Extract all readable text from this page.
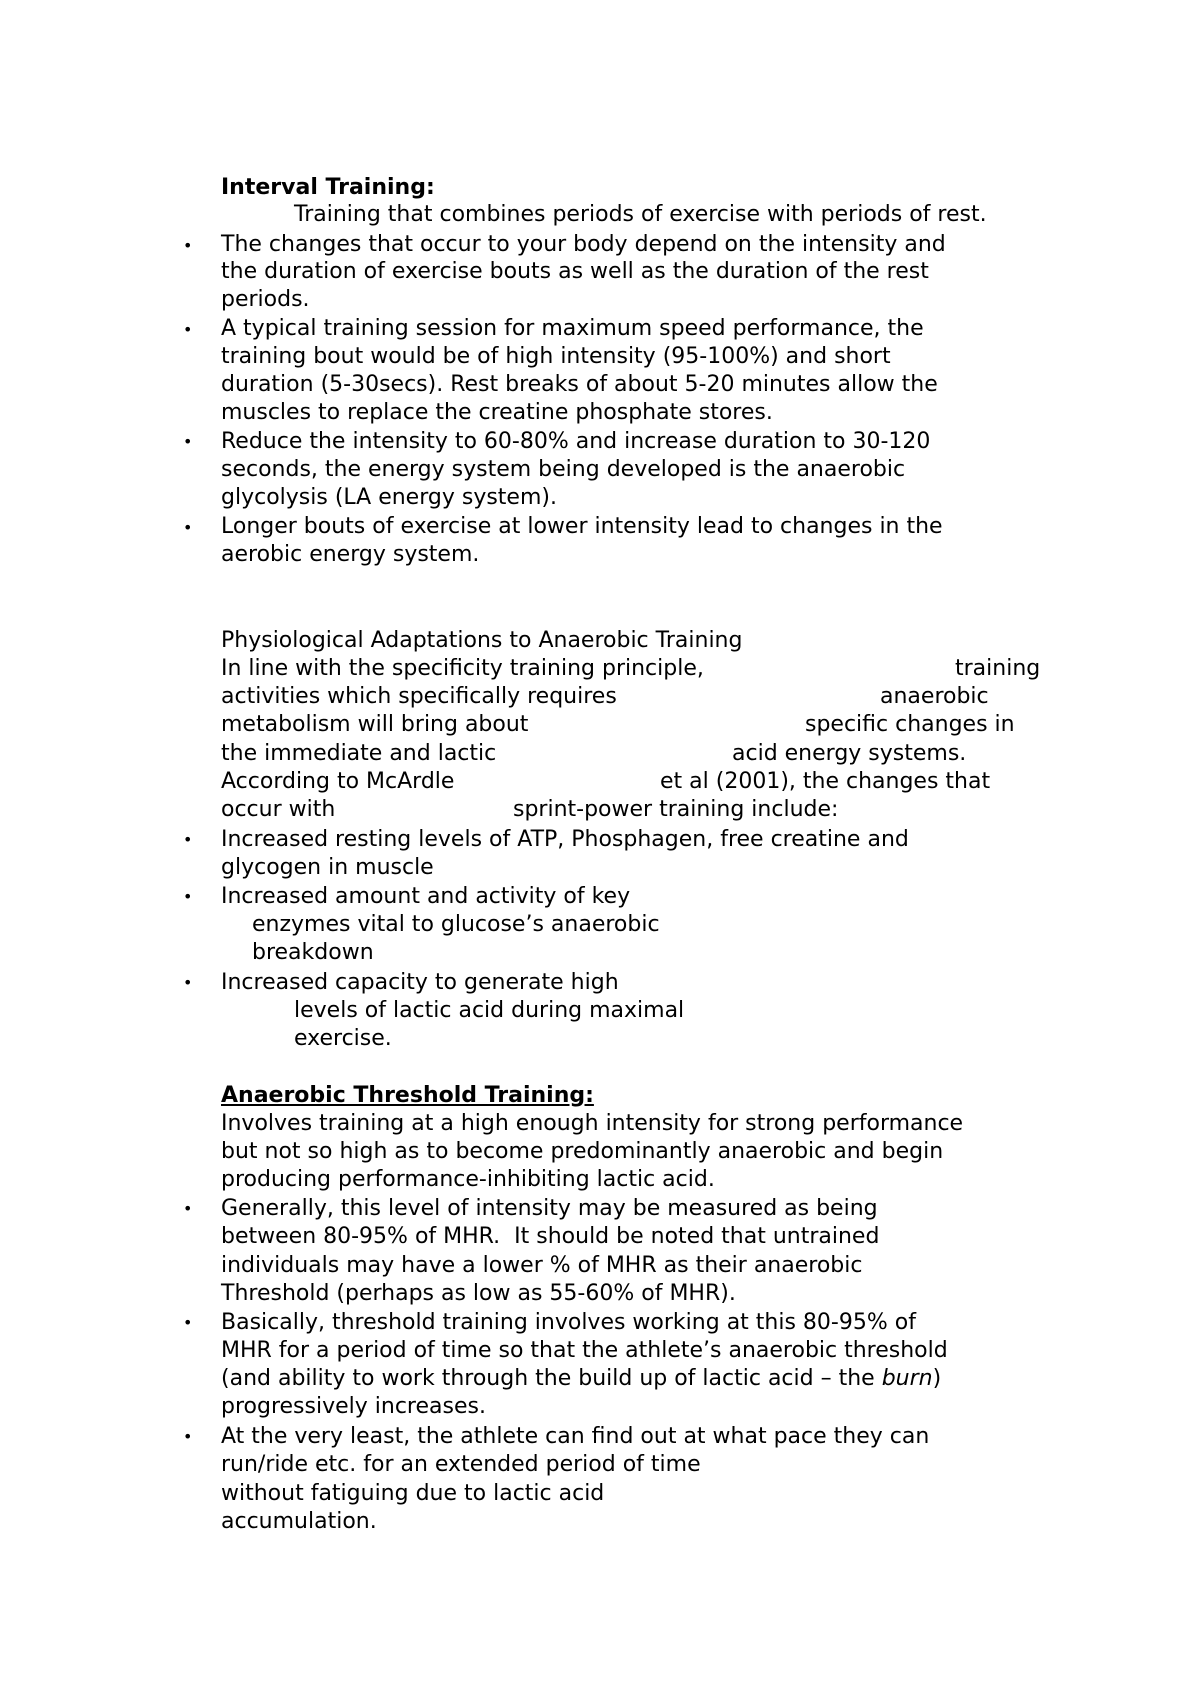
Interval Training:
Training that combines periods of exercise with periods of rest.
• The changes that occur to your body depend on the intensity and
the duration of exercise bouts as well as the duration of the rest
periods.
• A typical training session for maximum speed performance, the
training bout would be of high intensity (95-100%) and short
duration (5-30secs). Rest breaks of about 5-20 minutes allow the
muscles to replace the creatine phosphate stores.
• Reduce the intensity to 60-80% and increase duration to 30-120
seconds, the energy system being developed is the anaerobic
glycolysis (LA energy system).
• Longer bouts of exercise at lower intensity lead to changes in the
aerobic energy system.
Physiological Adaptations to Anaerobic Training
In line with the specificity training principle,	training
activities which specifically requires	anaerobic
metabolism will bring about	specific changes in
the immediate and lactic	acid energy systems.
According to McArdle	et al (2001), the changes that
occur with	sprint-power training include:
• Increased resting levels of ATP, Phosphagen, free creatine and
glycogen in muscle
• Increased amount and activity of key
enzymes vital to glucose’s anaerobic
breakdown
• Increased capacity to generate high
levels of lactic acid during maximal
exercise.
Anaerobic Threshold Training:
Involves training at a high enough intensity for strong performance
but not so high as to become predominantly anaerobic and begin
producing performance-inhibiting lactic acid.
• Generally, this level of intensity may be measured as being
between 80-95% of MHR.  It should be noted that untrained
individuals may have a lower % of MHR as their anaerobic
Threshold (perhaps as low as 55-60% of MHR).
• Basically, threshold training involves working at this 80-95% of
MHR for a period of time so that the athlete’s anaerobic threshold
(and ability to work through the build up of lactic acid – the burn)
progressively increases.
• At the very least, the athlete can find out at what pace they can
run/ride etc. for an extended period of time
without fatiguing due to lactic acid
accumulation.
